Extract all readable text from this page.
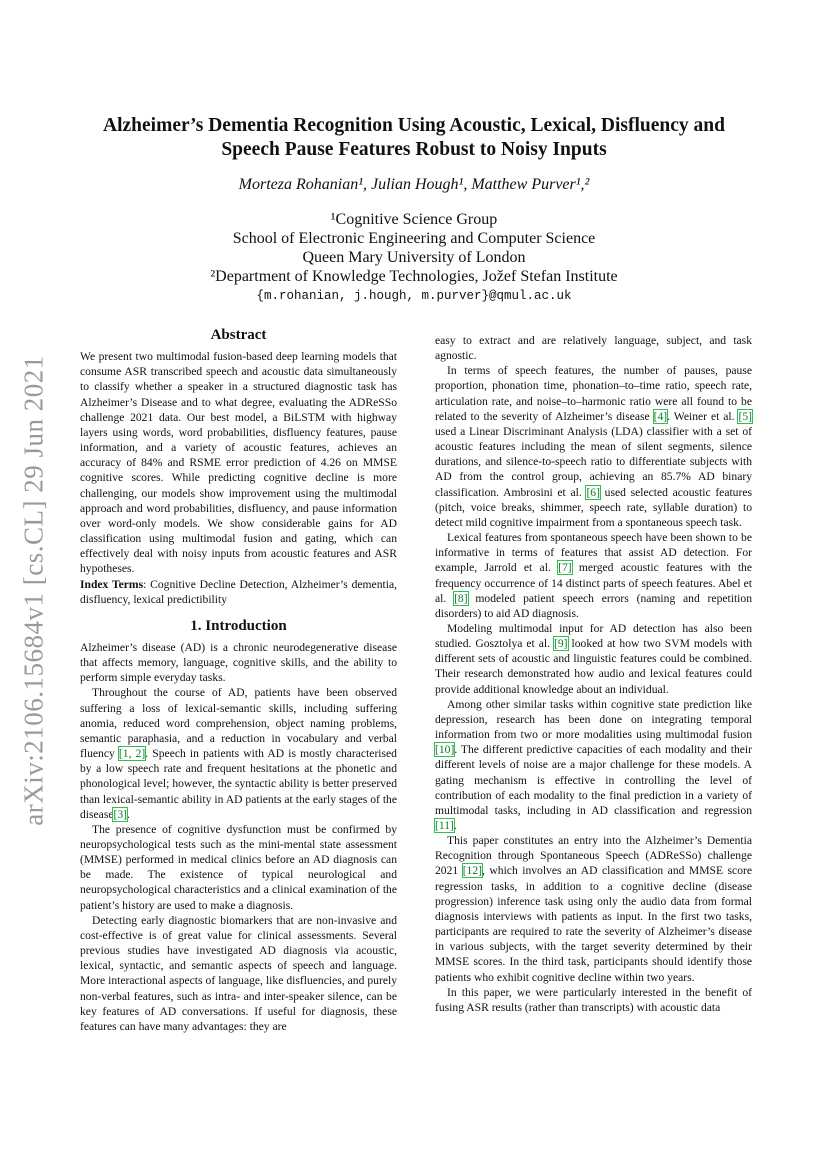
arXiv:2106.15684v1 [cs.CL] 29 Jun 2021
Alzheimer’s Dementia Recognition Using Acoustic, Lexical, Disfluency and Speech Pause Features Robust to Noisy Inputs
Morteza Rohanian¹, Julian Hough¹, Matthew Purver¹,²
¹Cognitive Science Group
School of Electronic Engineering and Computer Science
Queen Mary University of London
²Department of Knowledge Technologies, Jožef Stefan Institute
{m.rohanian, j.hough, m.purver}@qmul.ac.uk
Abstract

We present two multimodal fusion-based deep learning models that consume ASR transcribed speech and acoustic data simultaneously to classify whether a speaker in a structured diagnostic task has Alzheimer’s Disease and to what degree, evaluating the ADReSSo challenge 2021 data. Our best model, a BiLSTM with highway layers using words, word probabilities, disfluency features, pause information, and a variety of acoustic features, achieves an accuracy of 84% and RSME error prediction of 4.26 on MMSE cognitive scores. While predicting cognitive decline is more challenging, our models show improvement using the multimodal approach and word probabilities, disfluency, and pause information over word-only models. We show considerable gains for AD classification using multimodal fusion and gating, which can effectively deal with noisy inputs from acoustic features and ASR hypotheses.

Index Terms: Cognitive Decline Detection, Alzheimer’s dementia, disfluency, lexical predictibility

1. Introduction

Alzheimer’s disease (AD) is a chronic neurodegenerative disease that affects memory, language, cognitive skills, and the ability to perform simple everyday tasks.

Throughout the course of AD, patients have been observed suffering a loss of lexical-semantic skills, including suffering anomia, reduced word comprehension, object naming problems, semantic paraphasia, and a reduction in vocabulary and verbal fluency [1, 2]. Speech in patients with AD is mostly characterised by a low speech rate and frequent hesitations at the phonetic and phonological level; however, the syntactic ability is better preserved than lexical-semantic ability in AD patients at the early stages of the disease[3].

The presence of cognitive dysfunction must be confirmed by neuropsychological tests such as the mini-mental state assessment (MMSE) performed in medical clinics before an AD diagnosis can be made. The existence of typical neurological and neuropsychological characteristics and a clinical examination of the patient’s history are used to make a diagnosis.

Detecting early diagnostic biomarkers that are non-invasive and cost-effective is of great value for clinical assessments. Several previous studies have investigated AD diagnosis via acoustic, lexical, syntactic, and semantic aspects of speech and language. More interactional aspects of language, like disfluencies, and purely non-verbal features, such as intra- and inter-speaker silence, can be key features of AD conversations. If useful for diagnosis, these features can have many advantages: they are

easy to extract and are relatively language, subject, and task agnostic.

In terms of speech features, the number of pauses, pause proportion, phonation time, phonation–to–time ratio, speech rate, articulation rate, and noise–to–harmonic ratio were all found to be related to the severity of Alzheimer’s disease [4]. Weiner et al. [5] used a Linear Discriminant Analysis (LDA) classifier with a set of acoustic features including the mean of silent segments, silence durations, and silence-to-speech ratio to differentiate subjects with AD from the control group, achieving an 85.7% AD binary classification. Ambrosini et al. [6] used selected acoustic features (pitch, voice breaks, shimmer, speech rate, syllable duration) to detect mild cognitive impairment from a spontaneous speech task.

Lexical features from spontaneous speech have been shown to be informative in terms of features that assist AD detection. For example, Jarrold et al. [7] merged acoustic features with the frequency occurrence of 14 distinct parts of speech features. Abel et al. [8] modeled patient speech errors (naming and repetition disorders) to aid AD diagnosis.

Modeling multimodal input for AD detection has also been studied. Gosztolya et al. [9] looked at how two SVM models with different sets of acoustic and linguistic features could be combined. Their research demonstrated how audio and lexical features could provide additional knowledge about an individual.

Among other similar tasks within cognitive state prediction like depression, research has been done on integrating temporal information from two or more modalities using multimodal fusion [10]. The different predictive capacities of each modality and their different levels of noise are a major challenge for these models. A gating mechanism is effective in controlling the level of contribution of each modality to the final prediction in a variety of multimodal tasks, including in AD classification and regression [11].

This paper constitutes an entry into the Alzheimer’s Dementia Recognition through Spontaneous Speech (ADReSSo) challenge 2021 [12], which involves an AD classification and MMSE score regression tasks, in addition to a cognitive decline (disease progression) inference task using only the audio data from formal diagnosis interviews with patients as input. In the first two tasks, participants are required to rate the severity of Alzheimer’s disease in various subjects, with the target severity determined by their MMSE scores. In the third task, participants should identify those patients who exhibit cognitive decline within two years.

In this paper, we were particularly interested in the benefit of fusing ASR results (rather than transcripts) with acoustic data
